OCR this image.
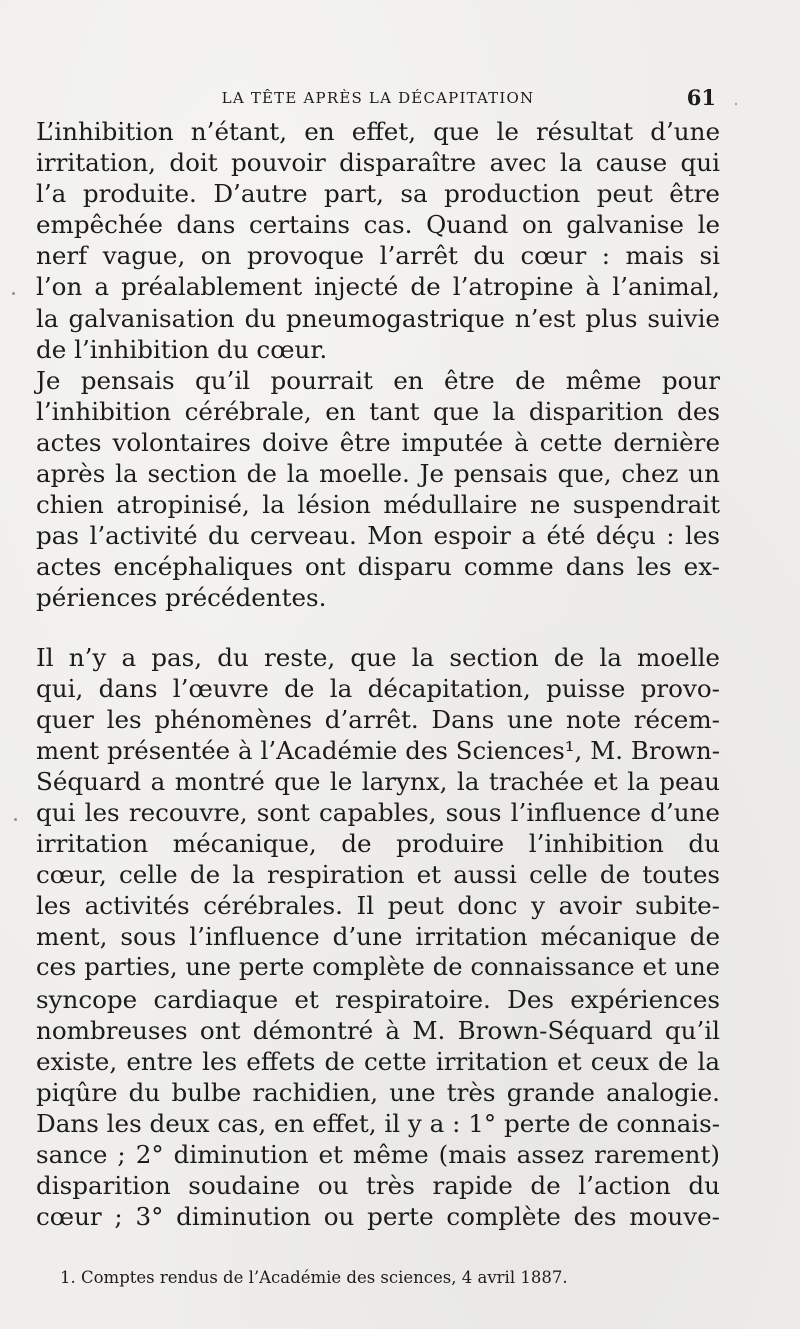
LA TÊTE APRÈS LA DÉCAPITATION	61
L’inhibition n’étant, en effet, que le résultat d’une
irritation, doit pouvoir disparaître avec la cause qui
l’a produite. D’autre part, sa production peut être
empêchée dans certains cas. Quand on galvanise le
nerf vague, on provoque l’arrêt du cœur : mais si
l’on a préalablement injecté de l’atropine à l’animal,
la galvanisation du pneumogastrique n’est plus suivie
de l’inhibition du cœur.
Je pensais qu’il pourrait en être de même pour
l’inhibition cérébrale, en tant que la disparition des
actes volontaires doive être imputée à cette dernière
après la section de la moelle. Je pensais que, chez un
chien atropinisé, la lésion médullaire ne suspendrait
pas l’activité du cerveau. Mon espoir a été déçu : les
actes encéphaliques ont disparu comme dans les ex-
périences précédentes.
Il n’y a pas, du reste, que la section de la moelle
qui, dans l’œuvre de la décapitation, puisse provo-
quer les phénomènes d’arrêt. Dans une note récem-
ment présentée à l’Académie des Sciences¹, M. Brown-
Séquard a montré que le larynx, la trachée et la peau
qui les recouvre, sont capables, sous l’influence d’une
irritation mécanique, de produire l’inhibition du
cœur, celle de la respiration et aussi celle de toutes
les activités cérébrales. Il peut donc y avoir subite-
ment, sous l’influence d’une irritation mécanique de
ces parties, une perte complète de connaissance et une
syncope cardiaque et respiratoire. Des expériences
nombreuses ont démontré à M. Brown-Séquard qu’il
existe, entre les effets de cette irritation et ceux de la
piqûre du bulbe rachidien, une très grande analogie.
Dans les deux cas, en effet, il y a : 1° perte de connais-
sance ; 2° diminution et même (mais assez rarement)
disparition soudaine ou très rapide de l’action du
cœur ; 3° diminution ou perte complète des mouve-
1. Comptes rendus de l’Académie des sciences, 4 avril 1887.
